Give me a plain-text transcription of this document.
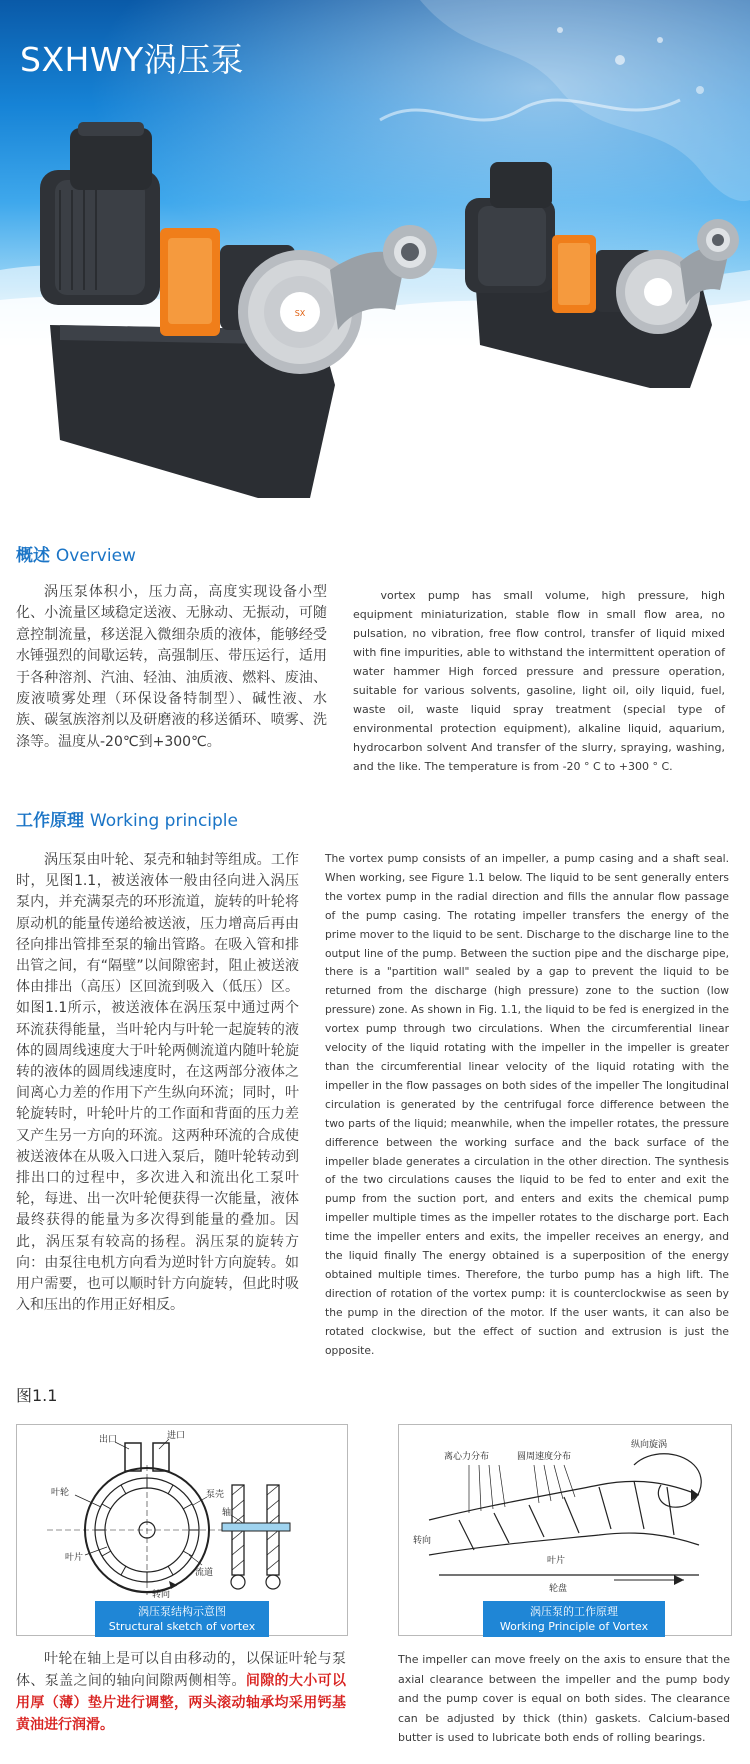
SXHWY涡压泵
SX
概述 Overview
涡压泵体积小，压力高，高度实现设备小型化、小流量区域稳定送液、无脉动、无振动，可随意控制流量，移送混入微细杂质的液体，能够经受水锤强烈的间歇运转，高强制压、带压运行，适用于各种溶剂、汽油、轻油、油质液、燃料、废油、废液喷雾处理（环保设备特制型）、碱性液、水族、碳氢族溶剂以及研磨液的移送循环、喷雾、洗涤等。温度从-20℃到+300℃。
vortex pump has small volume, high pressure, high equipment miniaturization, stable flow in small flow area, no pulsation, no vibration, free flow control, transfer of liquid mixed with fine impurities, able to withstand the intermittent operation of water hammer High forced pressure and pressure operation, suitable for various solvents, gasoline, light oil, oily liquid, fuel, waste oil, waste liquid spray treatment (special type of environmental protection equipment), alkaline liquid, aquarium, hydrocarbon solvent And transfer of the slurry, spraying, washing, and the like. The temperature is from -20 ° C to +300 ° C.
工作原理 Working principle
涡压泵由叶轮、泵壳和轴封等组成。工作时，见图1.1，被送液体一般由径向进入涡压泵内，并充满泵壳的环形流道，旋转的叶轮将原动机的能量传递给被送液，压力增高后再由径向排出管排至泵的输出管路。在吸入管和排出管之间，有“隔壁”以间隙密封，阻止被送液体由排出（高压）区回流到吸入（低压）区。如图1.1所示，被送液体在涡压泵中通过两个环流获得能量，当叶轮内与叶轮一起旋转的液体的圆周线速度大于叶轮两侧流道内随叶轮旋转的液体的圆周线速度时，在这两部分液体之间离心力差的作用下产生纵向环流；同时，叶轮旋转时，叶轮叶片的工作面和背面的压力差又产生另一方向的环流。这两种环流的合成使被送液体在从吸入口进入泵后，随叶轮转动到排出口的过程中，多次进入和流出化工泵叶轮，每进、出一次叶轮便获得一次能量，液体最终获得的能量为多次得到能量的叠加。因此，涡压泵有较高的扬程。涡压泵的旋转方向：由泵往电机方向看为逆时针方向旋转。如用户需要，也可以顺时针方向旋转，但此时吸入和压出的作用正好相反。
The vortex pump consists of an impeller, a pump casing and a shaft seal. When working, see Figure 1.1 below. The liquid to be sent generally enters the vortex pump in the radial direction and fills the annular flow passage of the pump casing. The rotating impeller transfers the energy of the prime mover to the liquid to be sent. Discharge to the discharge line to the output line of the pump. Between the suction pipe and the discharge pipe, there is a "partition wall" sealed by a gap to prevent the liquid to be returned from the discharge (high pressure) zone to the suction (low pressure) zone. As shown in Fig. 1.1, the liquid to be fed is energized in the vortex pump through two circulations. When the circumferential linear velocity of the liquid rotating with the impeller in the impeller is greater than the circumferential linear velocity of the liquid rotating with the impeller in the flow passages on both sides of the impeller The longitudinal circulation is generated by the centrifugal force difference between the two parts of the liquid; meanwhile, when the impeller rotates, the pressure difference between the working surface and the back surface of the impeller blade generates a circulation in the other direction. The synthesis of the two circulations causes the liquid to be fed to enter and exit the pump from the suction port, and enters and exits the chemical pump impeller multiple times as the impeller rotates to the discharge port. Each time the impeller enters and exits, the impeller receives an energy, and the liquid finally The energy obtained is a superposition of the energy obtained multiple times. Therefore, the turbo pump has a high lift. The direction of rotation of the vortex pump: it is counterclockwise as seen by the pump in the direction of the motor. If the user wants, it can also be rotated clockwise, but the effect of suction and extrusion is just the opposite.
图1.1
出口	进口
叶轮	泵壳
轴
叶片
流道
转向
涡压泵结构示意图
Structural sketch of vortex pump
离心力分布	圆周速度分布
纵向旋涡
转向
叶片
轮盘
涡压泵的工作原理
Working Principle of Vortex Pump
叶轮在轴上是可以自由移动的，以保证叶轮与泵体、泵盖之间的轴向间隙两侧相等。间隙的大小可以用厚（薄）垫片进行调整，两头滚动轴承均采用钙基黄油进行润滑。
The impeller can move freely on the axis to ensure that the axial clearance between the impeller and the pump body and the pump cover is equal on both sides. The clearance can be adjusted by thick (thin) gaskets. Calcium-based butter is used to lubricate both ends of rolling bearings.
